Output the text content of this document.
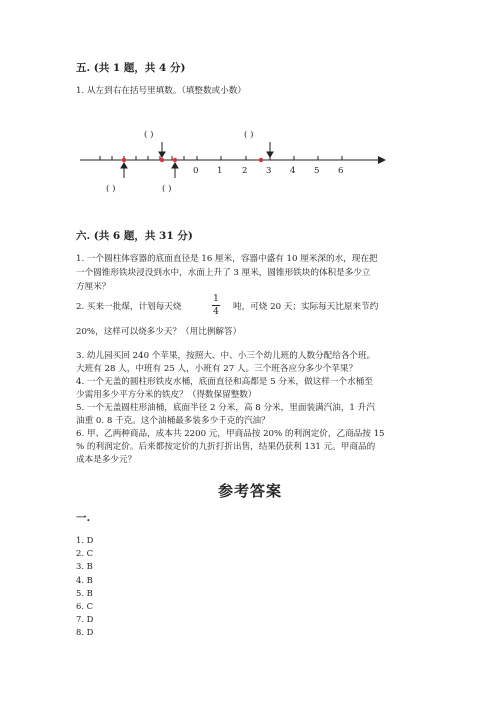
五. (共 1 题，共 4 分)
1. 从左到右在括号里填数。（填整数或小数）
( )	( )
0 1 2 3 4 5 6
( )	( )
六. (共 6 题，共 31 分)
1. 一个圆柱体容器的底面直径是 16 厘米，容器中盛有 10 厘米深的水，现在把
一个圆锥形铁块浸没到水中，水面上升了 3 厘米，圆锥形铁块的体积是多少立
方厘米？
2. 买来一批煤，计划每天烧
1
4 吨，可烧 20 天；实际每天比原来节约
20%，这样可以烧多少天？（用比例解答）
3. 幼儿园买回 240 个苹果，按照大、中、小三个幼儿班的人数分配给各个班。
大班有 28 人，中班有 25 人，小班有 27 人。三个班各应分多少个苹果？
4. 一个无盖的圆柱形铁皮水桶，底面直径和高都是 5 分米，做这样一个水桶至
少需用多少平方分米的铁皮？（得数保留整数）
5. 一个无盖圆柱形油桶，底面半径 2 分米，高 8 分米，里面装满汽油，1 升汽
油重 0. 8 千克。这个油桶最多装多少千克的汽油？
6. 甲、乙两种商品，成本共 2200 元，甲商品按 20% 的利润定价，乙商品按 15
% 的利润定价。后来都按定价的九折打折出售，结果仍获利 131 元。甲商品的
成本是多少元？
参考答案
一.
1. D
2. C
3. B
4. B
5. B
6. C
7. D
8. D
